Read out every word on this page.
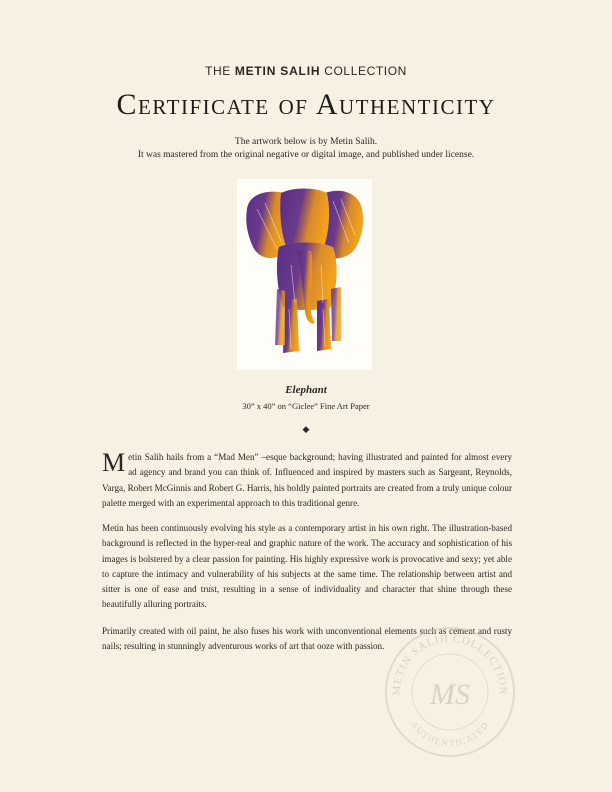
THE METIN SALIH COLLECTION
Certificate of Authenticity
The artwork below is by Metin Salih.
It was mastered from the original negative or digital image, and published under license.
Elephant
30” x 40” on “Giclee” Fine Art Paper
◆
M etin Salih hails from a “Mad Men” –esque background; having illustrated and painted for almost every ad agency and brand you can think of. Influenced and inspired by masters such as Sargeant, Reynolds, Varga, Robert McGinnis and Robert G. Harris, his boldly painted portraits are created from a truly unique colour palette merged with an experimental approach to this traditional genre.
Metin has been continuously evolving his style as a contemporary artist in his own right. The illustration-based background is reflected in the hyper-real and graphic nature of the work. The accuracy and sophistication of his images is bolstered by a clear passion for painting. His highly expressive work is provocative and sexy; yet able to capture the intimacy and vulnerability of his subjects at the same time. The relationship between artist and sitter is one of ease and trust, resulting in a sense of individuality and character that shine through these beautifully alluring portraits.
Primarily created with oil paint, he also fuses his work with unconventional elements such as cement and rusty nails; resulting in stunningly adventurous works of art that ooze with passion.
METIN SALIH COLLECTION
AUTHENTICATED
MS
